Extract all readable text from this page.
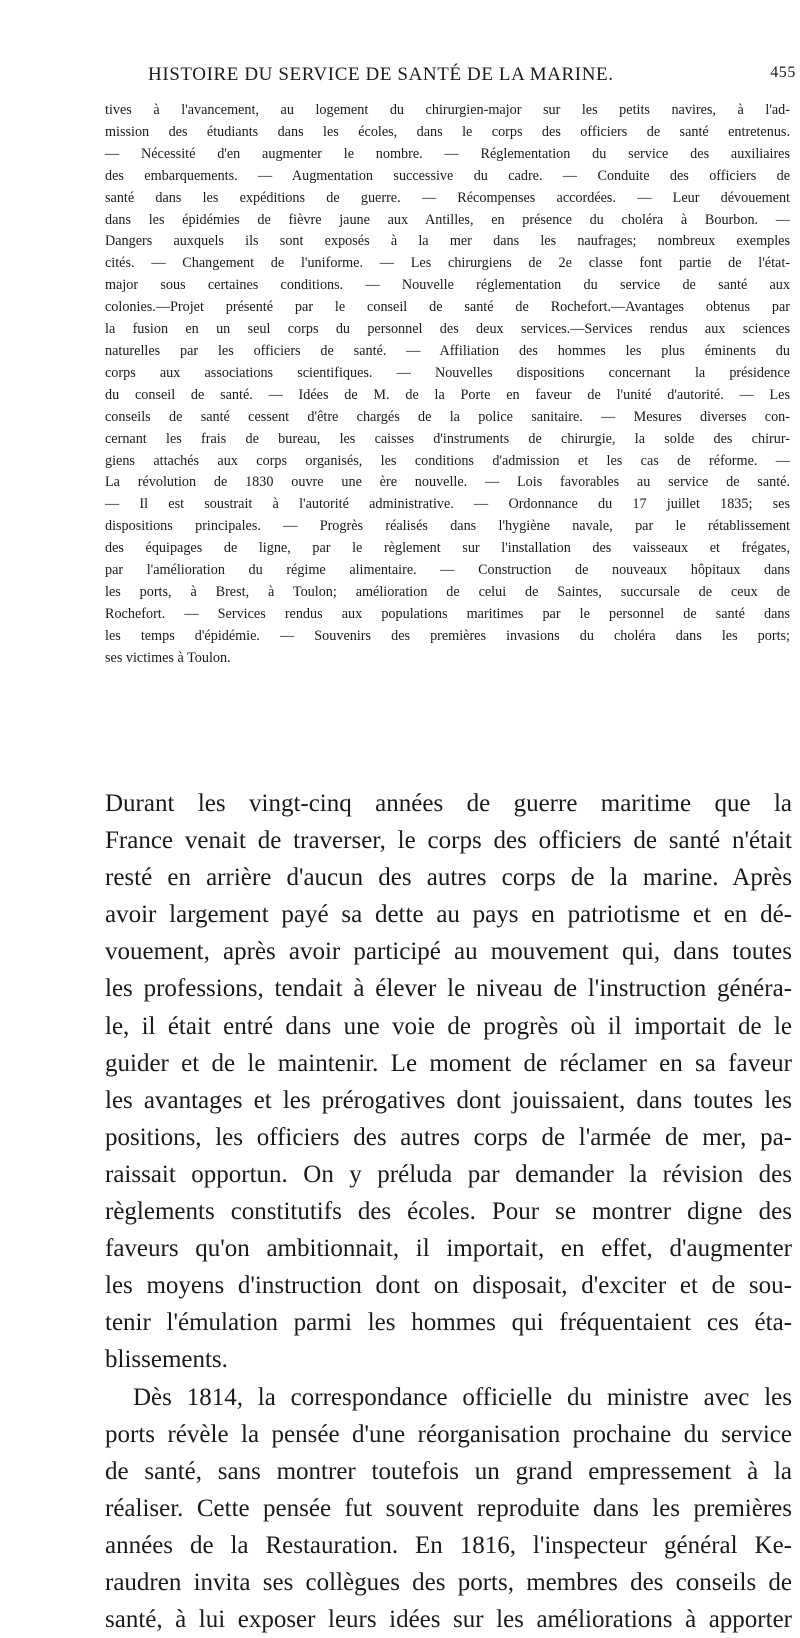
HISTOIRE DU SERVICE DE SANTÉ DE LA MARINE.	455
tives à l'avancement, au logement du chirurgien-major sur les petits navires, à l'ad-
mission des étudiants dans les écoles, dans le corps des officiers de santé entretenus.
— Nécessité d'en augmenter le nombre. — Réglementation du service des auxiliaires
des embarquements. — Augmentation successive du cadre. — Conduite des officiers de
santé dans les expéditions de guerre. — Récompenses accordées. — Leur dévouement
dans les épidémies de fièvre jaune aux Antilles, en présence du choléra à Bourbon. —
Dangers auxquels ils sont exposés à la mer dans les naufrages; nombreux exemples
cités. — Changement de l'uniforme. — Les chirurgiens de 2e classe font partie de l'état-
major sous certaines conditions. — Nouvelle réglementation du service de santé aux
colonies.—Projet présenté par le conseil de santé de Rochefort.—Avantages obtenus par
la fusion en un seul corps du personnel des deux services.—Services rendus aux sciences
naturelles par les officiers de santé. — Affiliation des hommes les plus éminents du
corps aux associations scientifiques. — Nouvelles dispositions concernant la présidence
du conseil de santé. — Idées de M. de la Porte en faveur de l'unité d'autorité. — Les
conseils de santé cessent d'être chargés de la police sanitaire. — Mesures diverses con-
cernant les frais de bureau, les caisses d'instruments de chirurgie, la solde des chirur-
giens attachés aux corps organisés, les conditions d'admission et les cas de réforme. —
La révolution de 1830 ouvre une ère nouvelle. — Lois favorables au service de santé.
— Il est soustrait à l'autorité administrative. — Ordonnance du 17 juillet 1835; ses
dispositions principales. — Progrès réalisés dans l'hygiène navale, par le rétablissement
des équipages de ligne, par le règlement sur l'installation des vaisseaux et frégates,
par l'amélioration du régime alimentaire. — Construction de nouveaux hôpitaux dans
les ports, à Brest, à Toulon; amélioration de celui de Saintes, succursale de ceux de
Rochefort. — Services rendus aux populations maritimes par le personnel de santé dans
les temps d'épidémie. — Souvenirs des premières invasions du choléra dans les ports;
ses victimes à Toulon.
Durant les vingt-cinq années de guerre maritime que la
France venait de traverser, le corps des officiers de santé n'était
resté en arrière d'aucun des autres corps de la marine. Après
avoir largement payé sa dette au pays en patriotisme et en dé-
vouement, après avoir participé au mouvement qui, dans toutes
les professions, tendait à élever le niveau de l'instruction généra-
le, il était entré dans une voie de progrès où il importait de le
guider et de le maintenir. Le moment de réclamer en sa faveur
les avantages et les prérogatives dont jouissaient, dans toutes les
positions, les officiers des autres corps de l'armée de mer, pa-
raissait opportun. On y préluda par demander la révision des
règlements constitutifs des écoles. Pour se montrer digne des
faveurs qu'on ambitionnait, il importait, en effet, d'augmenter
les moyens d'instruction dont on disposait, d'exciter et de sou-
tenir l'émulation parmi les hommes qui fréquentaient ces éta-
blissements.
Dès 1814, la correspondance officielle du ministre avec les
ports révèle la pensée d'une réorganisation prochaine du service
de santé, sans montrer toutefois un grand empressement à la
réaliser. Cette pensée fut souvent reproduite dans les premières
années de la Restauration. En 1816, l'inspecteur général Ke-
raudren invita ses collègues des ports, membres des conseils de
santé, à lui exposer leurs idées sur les améliorations à apporter
